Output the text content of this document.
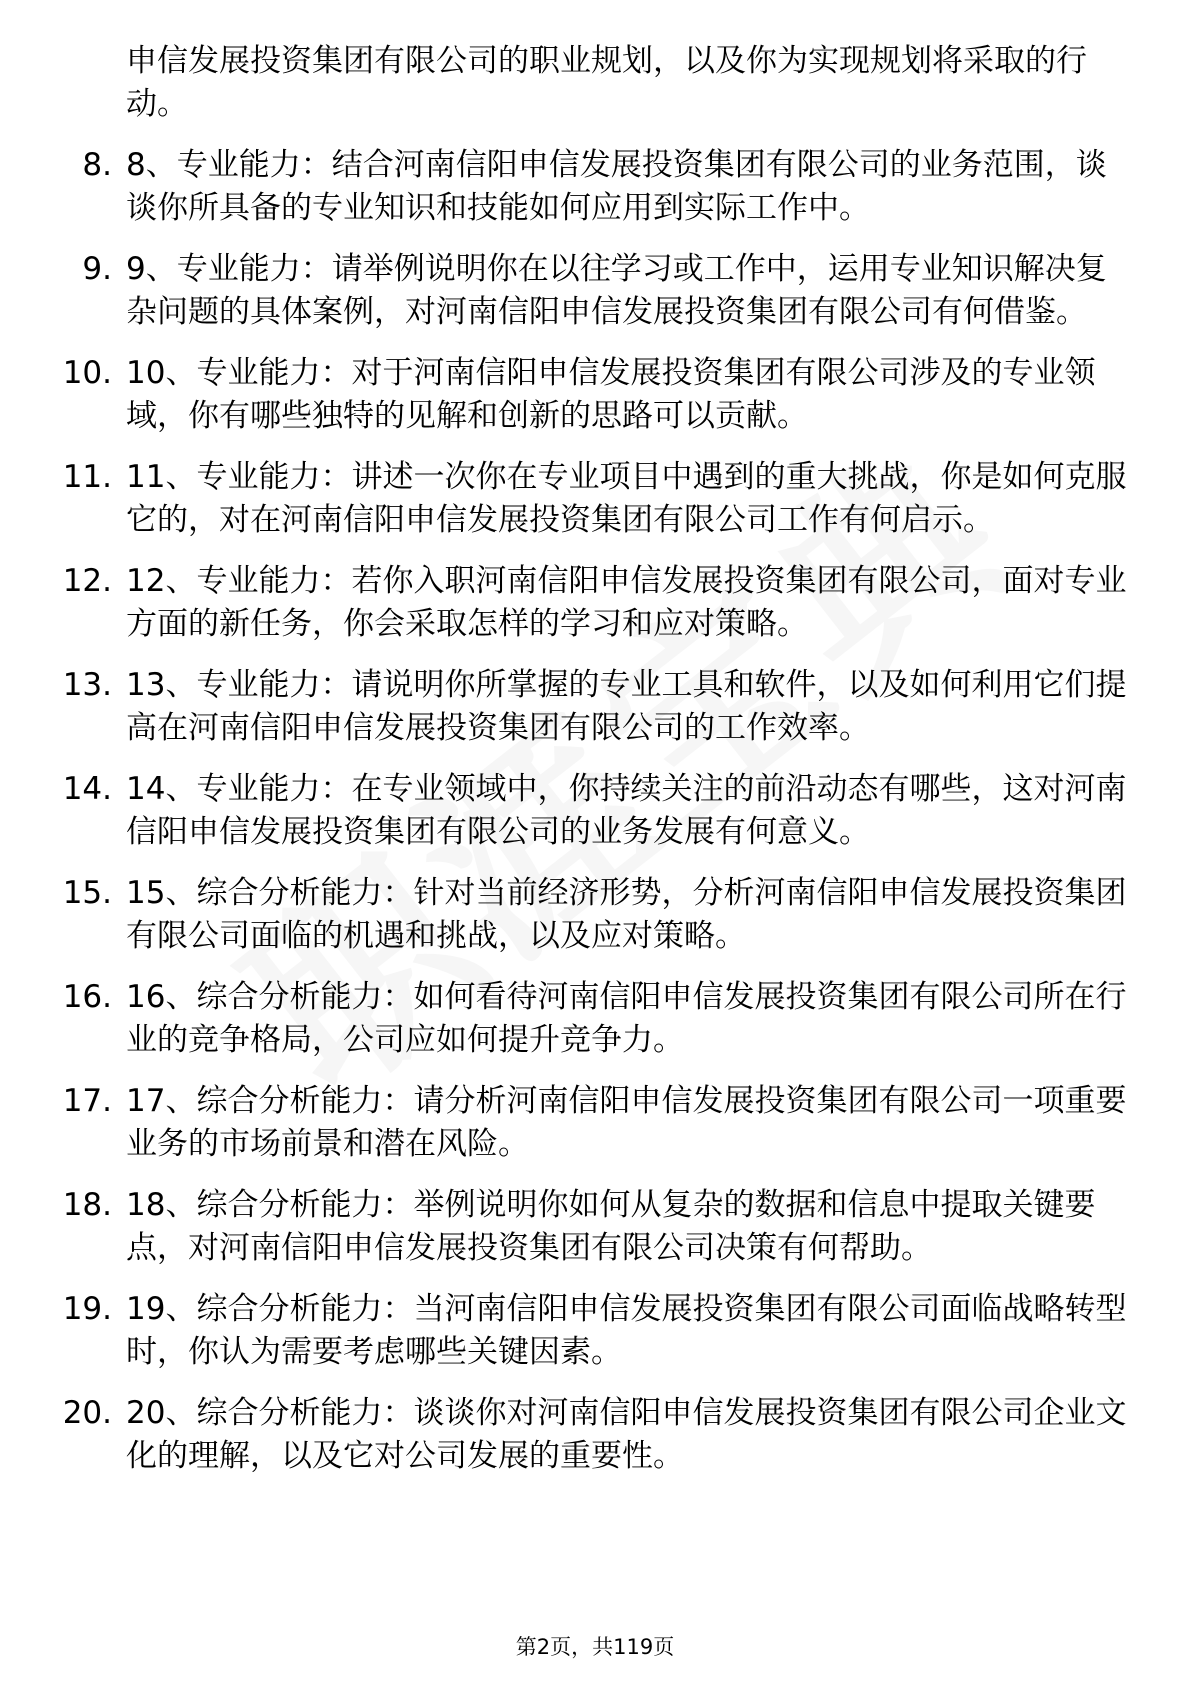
申信发展投资集团有限公司的职业规划，以及你为实现规划将采取的行动。
8. 8、专业能力：结合河南信阳申信发展投资集团有限公司的业务范围，谈谈你所具备的专业知识和技能如何应用到实际工作中。
9. 9、专业能力：请举例说明你在以往学习或工作中，运用专业知识解决复杂问题的具体案例，对河南信阳申信发展投资集团有限公司有何借鉴。
10. 10、专业能力：对于河南信阳申信发展投资集团有限公司涉及的专业领域，你有哪些独特的见解和创新的思路可以贡献。
11. 11、专业能力：讲述一次你在专业项目中遇到的重大挑战，你是如何克服它的，对在河南信阳申信发展投资集团有限公司工作有何启示。
12. 12、专业能力：若你入职河南信阳申信发展投资集团有限公司，面对专业方面的新任务，你会采取怎样的学习和应对策略。
13. 13、专业能力：请说明你所掌握的专业工具和软件，以及如何利用它们提高在河南信阳申信发展投资集团有限公司的工作效率。
14. 14、专业能力：在专业领域中，你持续关注的前沿动态有哪些，这对河南信阳申信发展投资集团有限公司的业务发展有何意义。
15. 15、综合分析能力：针对当前经济形势，分析河南信阳申信发展投资集团有限公司面临的机遇和挑战，以及应对策略。
16. 16、综合分析能力：如何看待河南信阳申信发展投资集团有限公司所在行业的竞争格局，公司应如何提升竞争力。
17. 17、综合分析能力：请分析河南信阳申信发展投资集团有限公司一项重要业务的市场前景和潜在风险。
18. 18、综合分析能力：举例说明你如何从复杂的数据和信息中提取关键要点，对河南信阳申信发展投资集团有限公司决策有何帮助。
19. 19、综合分析能力：当河南信阳申信发展投资集团有限公司面临战略转型时，你认为需要考虑哪些关键因素。
20. 20、综合分析能力：谈谈你对河南信阳申信发展投资集团有限公司企业文化的理解，以及它对公司发展的重要性。
第2页，共119页
